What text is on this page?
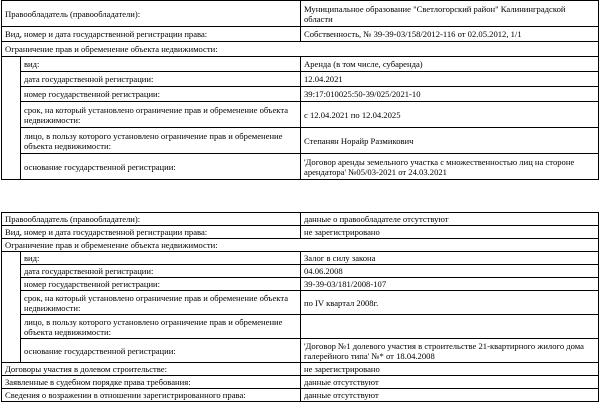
Правообладатель (правообладатели):		Муниципальное образование "Светлогорский район" Калининградской области
Вид, номер и дата государственной регистрации права:		Собственность, № 39-39-03/158/2012-116 от 02.05.2012, 1/1
Ограничение прав и обременение объекта недвижимости:		
	вид:	Аренда (в том числе, субаренда)
	дата государственной регистрации:	12.04.2021
	номер государственной регистрации:	39:17:010025:50-39/025/2021-10
	срок, на который установлено ограничение прав и обременение объекта недвижимости:	с 12.04.2021 по 12.04.2025
	лицо, в пользу которого установлено ограничение прав и обременение объекта недвижимости:	Степанян Норайр Размикович
	основание государственной регистрации:	'Договор аренды земельного участка с множественностью лиц на стороне арендатора' №05/03-2021 от 24.03.2021
Правообладатель (правообладатели):		данные о правообладателе отсутствуют
Вид, номер и дата государственной регистрации права:		не зарегистрировано
Ограничение прав и обременение объекта недвижимости:		
	вид:	Залог в силу закона
	дата государственной регистрации:	04.06.2008
	номер государственной регистрации:	39-39-03/181/2008-107
	срок, на который установлено ограничение прав и обременение объекта недвижимости:	по IV квартал 2008г.
	лицо, в пользу которого установлено ограничение прав и обременение объекта недвижимости:	
	основание государственной регистрации:	'Договор №1 долевого участия в строительстве 21-квартирного жилого дома галерейного типа' №* от 18.04.2008
Договоры участия в долевом строительстве:		не зарегистрировано
Заявленные в судебном порядке права требования:		данные отсутствуют
Сведения о возражении в отношении зарегистрированного права:		данные отсутствуют
